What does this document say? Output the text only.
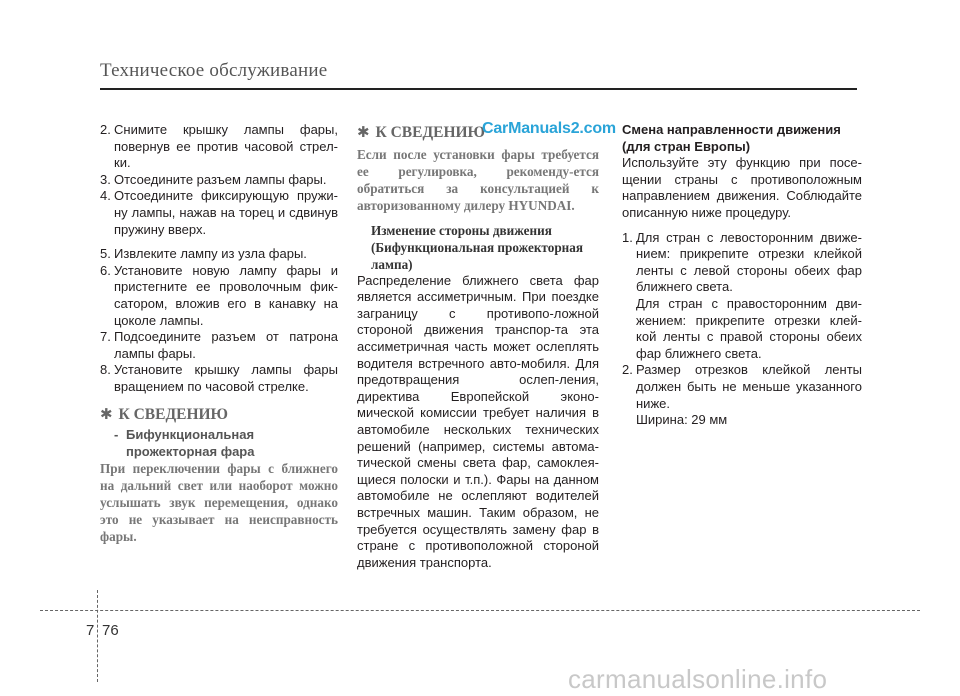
Техническое обслуживание
2. Снимите крышку лампы фары, повернув ее против часовой стрел-ки.
3. Отсоедините разъем лампы фары.
4. Отсоедините фиксирующую пружи-ну лампы, нажав на торец и сдвинув пружину вверх.
5. Извлеките лампу из узла фары.
6. Установите новую лампу фары и пристегните ее проволочным фик-сатором, вложив его в канавку на цоколе лампы.
7. Подсоедините разъем от патрона лампы фары.
8. Установите крышку лампы фары вращением по часовой стрелке.
✱ К СВЕДЕНИЮ
- Бифункциональная
прожекторная фара
При переключении фары с ближнего на дальний свет или наоборот можно услышать звук перемещения, однако это не указывает на неисправность фары.
✱ К СВЕДЕНИЮ
Если после установки фары требуется ее регулировка, рекоменду-ется обратиться за консультацией к авторизованному дилеру HYUNDAI.
Изменение стороны движения (Бифункциональная прожекторная лампа)
Распределение ближнего света фар является ассиметричным. При поездке заграницу с противопо-ложной стороной движения транспор-та эта ассиметричная часть может ослеплять водителя встречного авто-мобиля. Для предотвращения ослеп-ления, директива Европейской эконо-мической комиссии требует наличия в автомобиле нескольких технических решений (например, системы автома-тической смены света фар, самоклея-щиеся полоски и т.п.). Фары на данном автомобиле не ослепляют водителей встречных машин. Таким образом, не требуется осуществлять замену фар в стране с противоположной стороной движения транспорта.
CarManuals2.com Смена направленности движения (для стран Европы)
Используйте эту функцию при посе-щении страны с противоположным направлением движения. Соблюдайте описанную ниже процедуру.
1. Для стран с левосторонним движе-нием: прикрепите отрезки клейкой ленты с левой стороны обеих фар ближнего света.
Для стран с правосторонним дви-жением: прикрепите отрезки клей-кой ленты с правой стороны обеих фар ближнего света.
2. Размер отрезков клейкой ленты должен быть не меньше указанного ниже.
Ширина: 29 мм
7 76
carmanualsonline.info
